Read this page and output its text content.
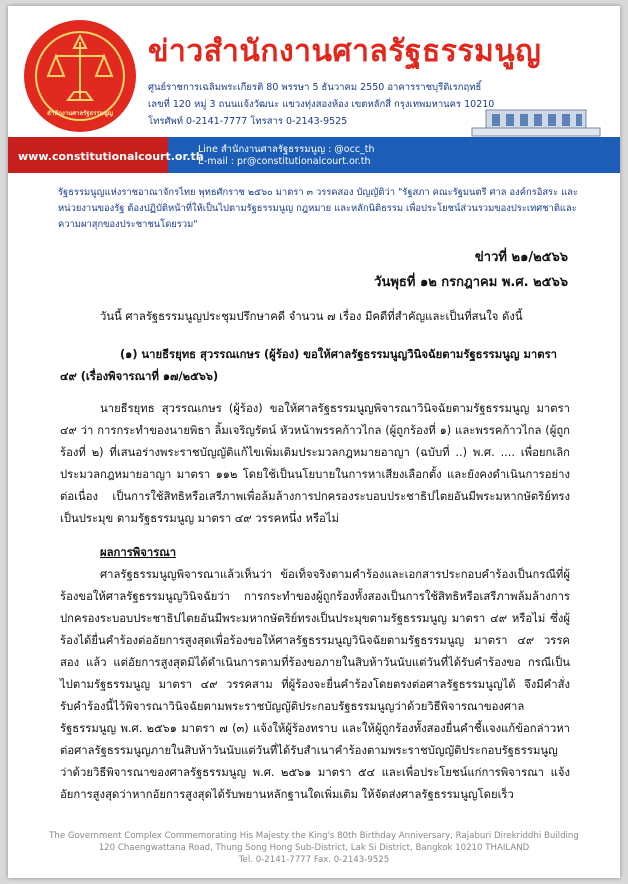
สำนักงานศาลรัฐธรรมนูญ
ข่าวสำนักงานศาลรัฐธรรมนูญ
ศูนย์ราชการเฉลิมพระเกียรติ 80 พรรษา 5 ธันวาคม 2550 อาคารราชบุรีดิเรกฤทธิ์
เลขที่ 120 หมู่ 3 ถนนแจ้งวัฒนะ แขวงทุ่งสองห้อง เขตหลักสี่ กรุงเทพมหานคร 10210
โทรศัพท์ 0-2141-7777 โทรสาร 0-2143-9525
www.constitutionalcourt.or.th
Line สำนักงานศาลรัฐธรรมนูญ : @occ_th
E-mail : pr@constitutionalcourt.or.th

รัฐธรรมนูญแห่งราชอาณาจักรไทย พุทธศักราช ๒๕๖๐ มาตรา ๓ วรรคสอง บัญญัติว่า "รัฐสภา คณะรัฐมนตรี ศาล องค์กรอิสระ และหน่วยงานของรัฐ ต้องปฏิบัติหน้าที่ให้เป็นไปตามรัฐธรรมนูญ กฎหมาย และหลักนิติธรรม เพื่อประโยชน์ส่วนรวมของประเทศชาติและความผาสุกของประชาชนโดยรวม"

ข่าวที่ ๒๑/๒๕๖๖
วันพุธที่ ๑๒ กรกฎาคม พ.ศ. ๒๕๖๖

วันนี้ ศาลรัฐธรรมนูญประชุมปรึกษาคดี จำนวน ๗ เรื่อง มีคดีที่สำคัญและเป็นที่สนใจ ดังนี้

(๑) นายธีรยุทธ สุวรรณเกษร (ผู้ร้อง) ขอให้ศาลรัฐธรรมนูญวินิจฉัยตามรัฐธรรมนูญ มาตรา ๔๙ (เรื่องพิจารณาที่ ๑๗/๒๕๖๖)

นายธีรยุทธ สุวรรณเกษร (ผู้ร้อง) ขอให้ศาลรัฐธรรมนูญพิจารณาวินิจฉัยตามรัฐธรรมนูญ มาตรา ๔๙ ว่า การกระทำของนายพิธา ลิ้มเจริญรัตน์ หัวหน้าพรรคก้าวไกล (ผู้ถูกร้องที่ ๑) และพรรคก้าวไกล (ผู้ถูกร้องที่ ๒) ที่เสนอร่างพระราชบัญญัติแก้ไขเพิ่มเติมประมวลกฎหมายอาญา (ฉบับที่ ..) พ.ศ. .... เพื่อยกเลิกประมวลกฎหมายอาญา มาตรา ๑๑๒ โดยใช้เป็นนโยบายในการหาเสียงเลือกตั้ง และยังคงดำเนินการอย่างต่อเนื่อง เป็นการใช้สิทธิหรือเสรีภาพเพื่อล้มล้างการปกครองระบอบประชาธิปไตยอันมีพระมหากษัตริย์ทรงเป็นประมุข ตามรัฐธรรมนูญ มาตรา ๔๙ วรรคหนึ่ง หรือไม่

ผลการพิจารณา

ศาลรัฐธรรมนูญพิจารณาแล้วเห็นว่า ข้อเท็จจริงตามคำร้องและเอกสารประกอบคำร้องเป็นกรณีที่ผู้ร้องขอให้ศาลรัฐธรรมนูญวินิจฉัยว่า การกระทำของผู้ถูกร้องทั้งสองเป็นการใช้สิทธิหรือเสรีภาพล้มล้างการปกครองระบอบประชาธิปไตยอันมีพระมหากษัตริย์ทรงเป็นประมุขตามรัฐธรรมนูญ มาตรา ๔๙ หรือไม่ ซึ่งผู้ร้องได้ยื่นคำร้องต่ออัยการสูงสุดเพื่อร้องขอให้ศาลรัฐธรรมนูญวินิจฉัยตามรัฐธรรมนูญ มาตรา ๔๙ วรรคสอง แล้ว แต่อัยการสูงสุดมิได้ดำเนินการตามที่ร้องขอภายในสิบห้าวันนับแต่วันที่ได้รับคำร้องขอ กรณีเป็นไปตามรัฐธรรมนูญ มาตรา ๔๙ วรรคสาม ที่ผู้ร้องจะยื่นคำร้องโดยตรงต่อศาลรัฐธรรมนูญได้ จึงมีคำสั่งรับคำร้องนี้ไว้พิจารณาวินิจฉัยตามพระราชบัญญัติประกอบรัฐธรรมนูญว่าด้วยวิธีพิจารณาของศาลรัฐธรรมนูญ พ.ศ. ๒๕๖๑ มาตรา ๗ (๓) แจ้งให้ผู้ร้องทราบ และให้ผู้ถูกร้องทั้งสองยื่นคำชี้แจงแก้ข้อกล่าวหาต่อศาลรัฐธรรมนูญภายในสิบห้าวันนับแต่วันที่ได้รับสำเนาคำร้องตามพระราชบัญญัติประกอบรัฐธรรมนูญว่าด้วยวิธีพิจารณาของศาลรัฐธรรมนูญ พ.ศ. ๒๕๖๑ มาตรา ๕๔ และเพื่อประโยชน์แก่การพิจารณา แจ้งอัยการสูงสุดว่าหากอัยการสูงสุดได้รับพยานหลักฐานใดเพิ่มเติม ให้จัดส่งศาลรัฐธรรมนูญโดยเร็ว

The Government Complex Commemorating His Majesty the King's 80th Birthday Anniversary, Rajaburi Direkriddhi Building

120 Chaengwattana Road, Thung Song Hong Sub-District, Lak Si District, Bangkok 10210 THAILAND

Tel. 0-2141-7777 Fax. 0-2143-9525
